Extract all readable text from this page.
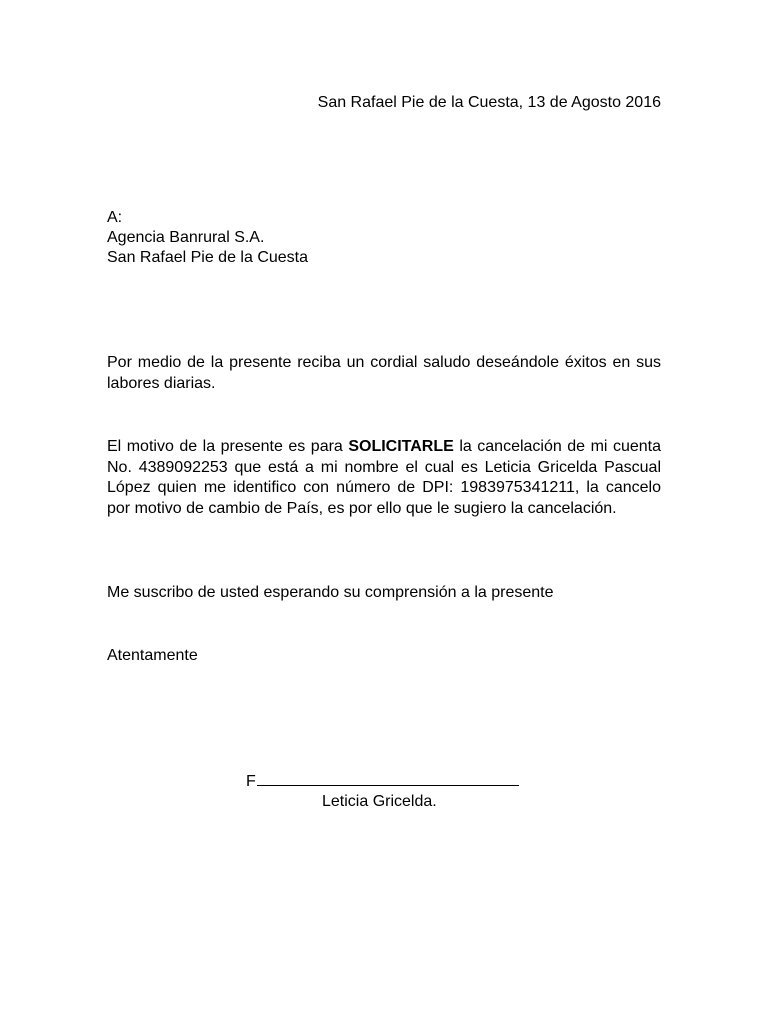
San Rafael Pie de la Cuesta, 13 de Agosto 2016
A:
Agencia Banrural S.A.
San Rafael Pie de la Cuesta
Por medio de la presente reciba un cordial saludo deseándole éxitos en sus labores diarias.
El motivo de la presente es para SOLICITARLE la cancelación de mi cuenta No. 4389092253 que está a mi nombre el cual es Leticia Gricelda Pascual López quien me identifico con número de DPI: 1983975341211, la cancelo por motivo de cambio de País, es por ello que le sugiero la cancelación.
Me suscribo de usted esperando su comprensión a la presente
Atentamente
F
Leticia Gricelda.
